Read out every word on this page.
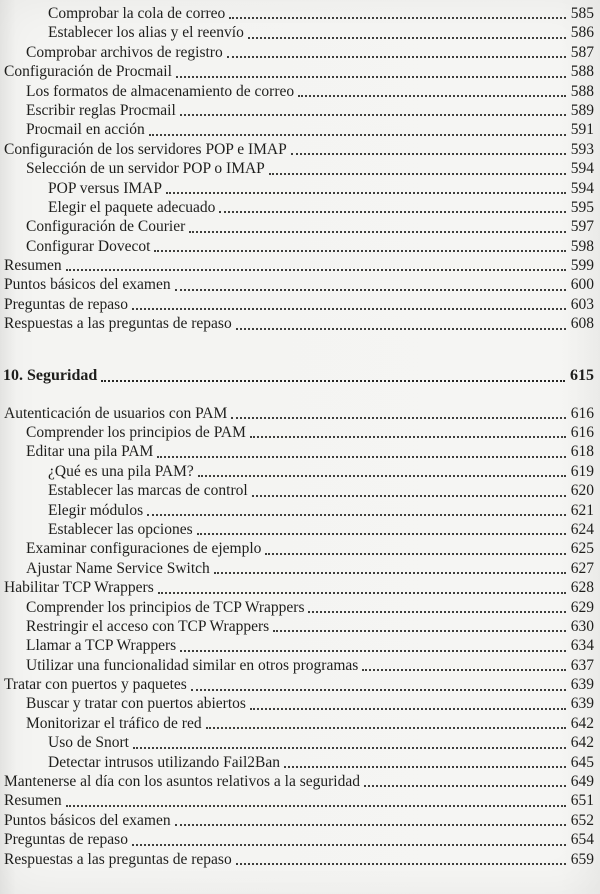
Comprobar la cola de correo	585
Establecer los alias y el reenvío	586
Comprobar archivos de registro	587
Configuración de Procmail	588
Los formatos de almacenamiento de correo	588
Escribir reglas Procmail	589
Procmail en acción	591
Configuración de los servidores POP e IMAP	593
Selección de un servidor POP o IMAP	594
POP versus IMAP	594
Elegir el paquete adecuado	595
Configuración de Courier	597
Configurar Dovecot	598
Resumen	599
Puntos básicos del examen	600
Preguntas de repaso	603
Respuestas a las preguntas de repaso	608
10. Seguridad	615
Autenticación de usuarios con PAM	616
Comprender los principios de PAM	616
Editar una pila PAM	618
¿Qué es una pila PAM?	619
Establecer las marcas de control	620
Elegir módulos	621
Establecer las opciones	624
Examinar configuraciones de ejemplo	625
Ajustar Name Service Switch	627
Habilitar TCP Wrappers	628
Comprender los principios de TCP Wrappers	629
Restringir el acceso con TCP Wrappers	630
Llamar a TCP Wrappers	634
Utilizar una funcionalidad similar en otros programas	637
Tratar con puertos y paquetes	639
Buscar y tratar con puertos abiertos	639
Monitorizar el tráfico de red	642
Uso de Snort	642
Detectar intrusos utilizando Fail2Ban	645
Mantenerse al día con los asuntos relativos a la seguridad	649
Resumen	651
Puntos básicos del examen	652
Preguntas de repaso	654
Respuestas a las preguntas de repaso	659
